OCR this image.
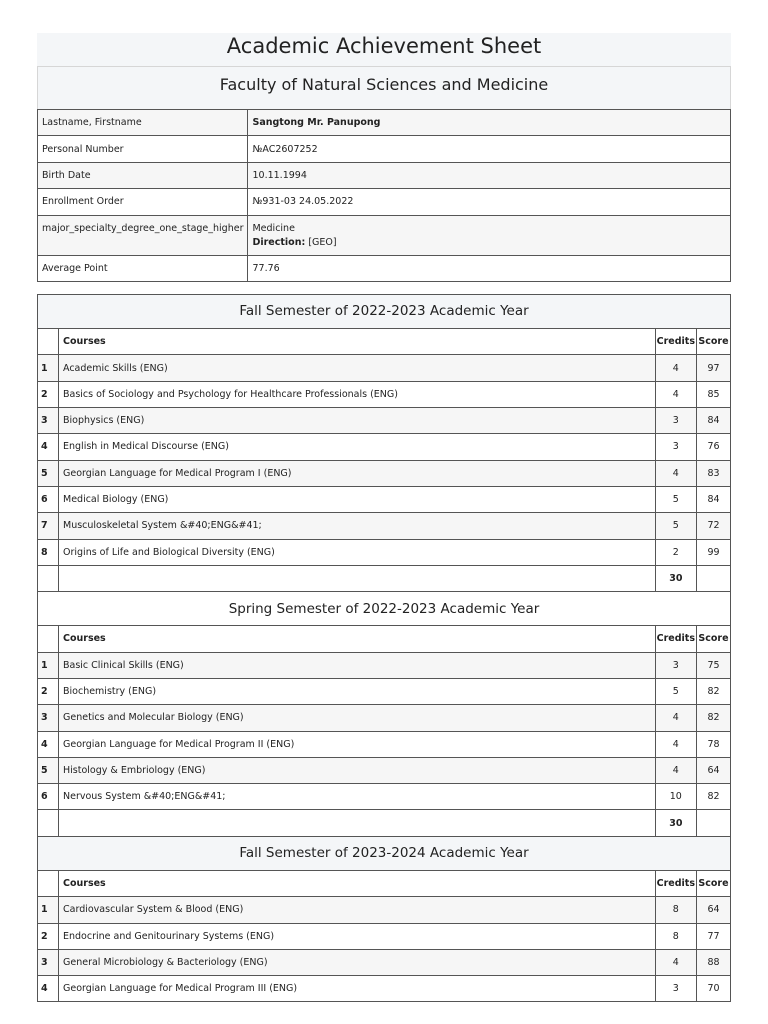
Academic Achievement Sheet
Faculty of Natural Sciences and Medicine
Lastname, Firstname	Sangtong Mr. Panupong
Personal Number	№AC2607252
Birth Date	10.11.1994
Enrollment Order	№931-03 24.05.2022
major_specialty_degree_one_stage_higher	Medicine
Direction: [GEO]

Average Point	77.76
Fall Semester of 2022-2023 Academic Year			
	Courses	Credits	Score
1	Academic Skills (ENG)	4	97
2	Basics of Sociology and Psychology for Healthcare Professionals (ENG)	4	85
3	Biophysics (ENG)	3	84
4	English in Medical Discourse (ENG)	3	76
5	Georgian Language for Medical Program I (ENG)	4	83
6	Medical Biology (ENG)	5	84
7	Musculoskeletal System &#40;ENG&#41;	5	72
8	Origins of Life and Biological Diversity (ENG)	2	99
		30	
Spring Semester of 2022-2023 Academic Year			
	Courses	Credits	Score
1	Basic Clinical Skills (ENG)	3	75
2	Biochemistry (ENG)	5	82
3	Genetics and Molecular Biology (ENG)	4	82
4	Georgian Language for Medical Program II (ENG)	4	78
5	Histology & Embriology (ENG)	4	64
6	Nervous System &#40;ENG&#41;	10	82
		30	
Fall Semester of 2023-2024 Academic Year			
	Courses	Credits	Score
1	Cardiovascular System & Blood (ENG)	8	64
2	Endocrine and Genitourinary Systems (ENG)	8	77
3	General Microbiology & Bacteriology (ENG)	4	88
4	Georgian Language for Medical Program III (ENG)	3	70
